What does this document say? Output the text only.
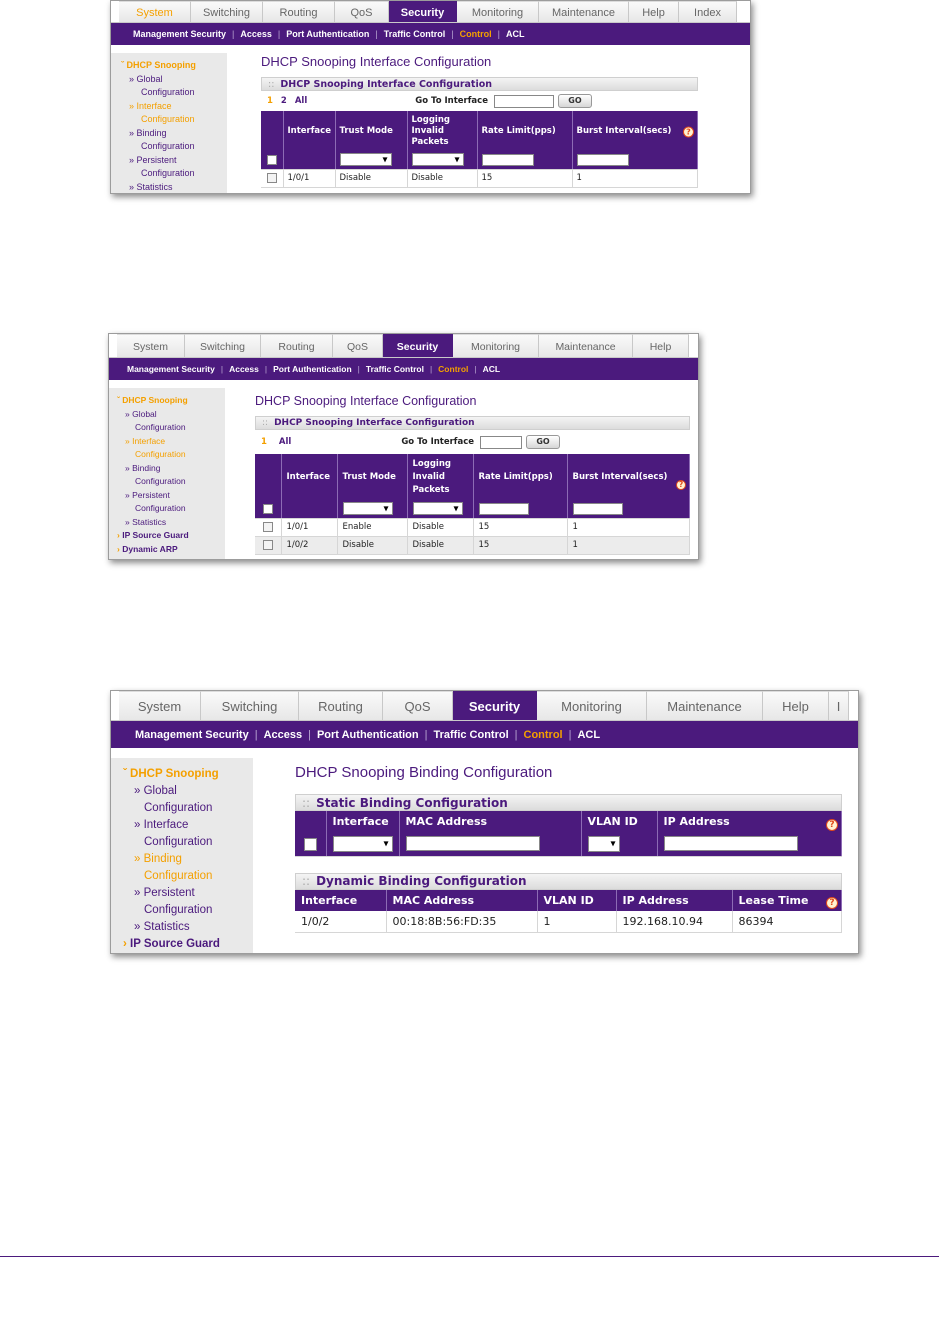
System	Switching	Routing	QoS	Security	Monitoring	Maintenance	Help	Index
Management Security | Access | Port Authentication | Traffic Control | Control | ACL
ˇ DHCP Snooping
» Global
Configuration
» Interface
Configuration
» Binding
Configuration
» Persistent
Configuration
» Statistics
DHCP Snooping Interface Configuration
:: DHCP Snooping Interface Configuration
?
1 2 All	Go To Interface	GO
	Interface	Trust Mode	Logging Invalid Packets	Rate Limit(pps)	Burst Interval(secs)
		▾	▾		
	1/0/1	Disable	Disable	15	1
System	Switching	Routing	QoS	Security	Monitoring	Maintenance	Help
Management Security | Access | Port Authentication | Traffic Control | Control | ACL
ˇ DHCP Snooping
» Global
Configuration
» Interface
Configuration
» Binding
Configuration
» Persistent
Configuration
» Statistics
› IP Source Guard
› Dynamic ARP
DHCP Snooping Interface Configuration
:: DHCP Snooping Interface Configuration
?
1 All	Go To Interface	GO
	Interface	Trust Mode	Logging Invalid Packets	Rate Limit(pps)	Burst Interval(secs)
		▾	▾		
	1/0/1	Enable	Disable	15	1
	1/0/2	Disable	Disable	15	1
System	Switching	Routing	QoS	Security	Monitoring	Maintenance	Help	I
Management Security | Access | Port Authentication | Traffic Control | Control | ACL
ˇ DHCP Snooping
» Global
Configuration
» Interface
Configuration
» Binding
Configuration
» Persistent
Configuration
» Statistics
› IP Source Guard
DHCP Snooping Binding Configuration
:: Static Binding Configuration
?
	Interface	MAC Address	VLAN ID	IP Address
	▾		▾	
:: Dynamic Binding Configuration
?
Interface	MAC Address	VLAN ID	IP Address	Lease Time
1/0/2	00:18:8B:56:FD:35	1	192.168.10.94	86394
